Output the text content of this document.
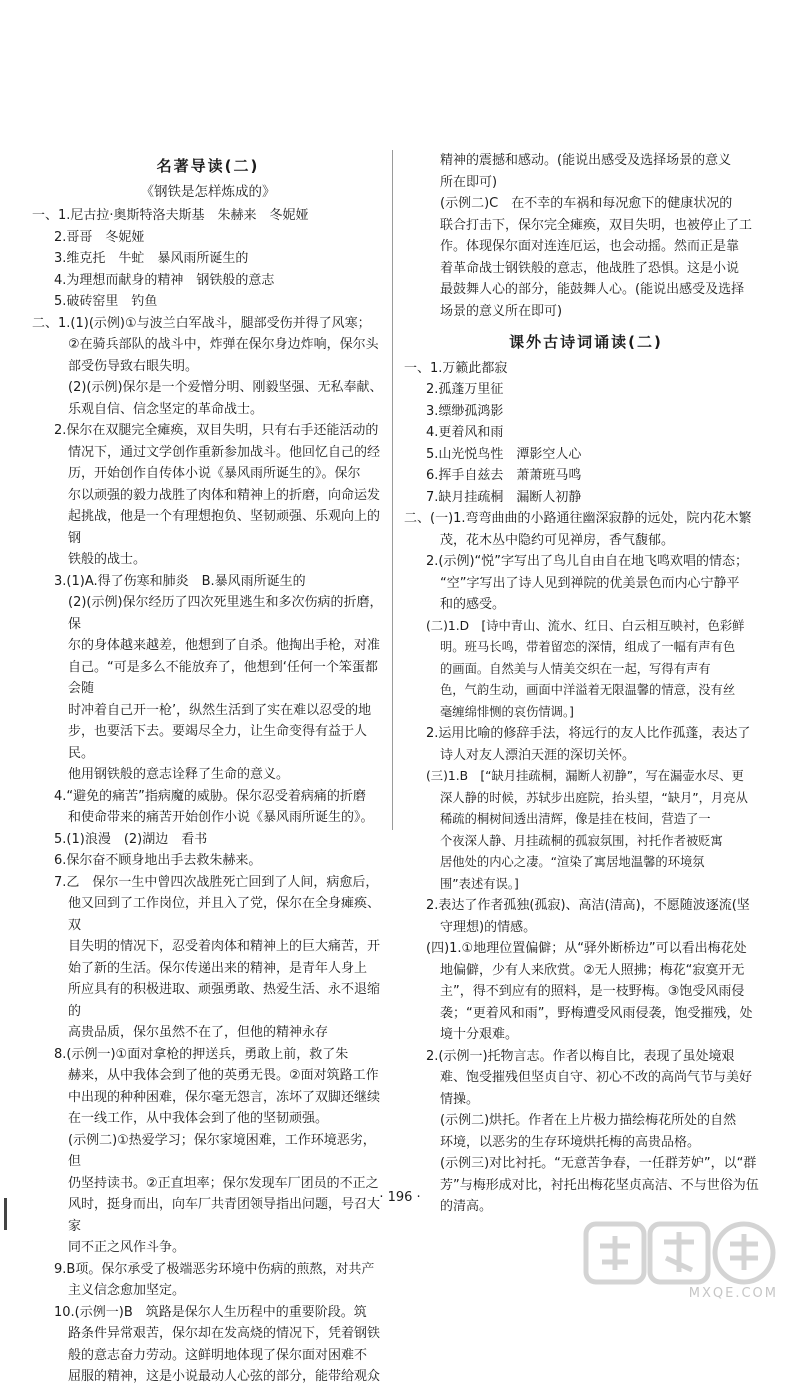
名著导读(二)
《钢铁是怎样炼成的》
一、1.尼古拉·奥斯特洛夫斯基　朱赫来　冬妮娅
2.哥哥　冬妮娅
3.维克托　牛虻　暴风雨所诞生的
4.为理想而献身的精神　钢铁般的意志
5.破砖窑里　钓鱼
二、1.(1)(示例)①与波兰白军战斗，腿部受伤并得了风寒；
②在骑兵部队的战斗中，炸弹在保尔身边炸响，保尔头
部受伤导致右眼失明。
(2)(示例)保尔是一个爱憎分明、刚毅坚强、无私奉献、
乐观自信、信念坚定的革命战士。
2.保尔在双腿完全瘫痪，双目失明，只有右手还能活动的
情况下，通过文学创作重新参加战斗。他回忆自己的经
历，开始创作自传体小说《暴风雨所诞生的》。保尔
尔以顽强的毅力战胜了肉体和精神上的折磨，向命运发
起挑战，他是一个有理想抱负、坚韧顽强、乐观向上的钢
铁般的战士。
3.(1)A.得了伤寒和肺炎　B.暴风雨所诞生的
(2)(示例)保尔经历了四次死里逃生和多次伤病的折磨，保
尔的身体越来越差，他想到了自杀。他掏出手枪，对准
自己。“可是多么不能放弃了，他想到‘任何一个笨蛋都会随
时冲着自己开一枪’，纵然生活到了实在难以忍受的地
步，也要活下去。要竭尽全力，让生命变得有益于人民。
他用钢铁般的意志诠释了生命的意义。
4.“避免的痛苦”指病魔的威胁。保尔忍受着病痛的折磨
和使命带来的痛苦开始创作小说《暴风雨所诞生的》。
5.(1)浪漫　(2)湖边　看书
6.保尔奋不顾身地出手去救朱赫来。
7.乙　保尔一生中曾四次战胜死亡回到了人间，病愈后，
他又回到了工作岗位，并且入了党，保尔在全身瘫痪、双
目失明的情况下，忍受着肉体和精神上的巨大痛苦，开
始了新的生活。保尔传递出来的精神，是青年人身上
所应具有的积极进取、顽强勇敢、热爱生活、永不退缩的
高贵品质，保尔虽然不在了，但他的精神永存
8.(示例一)①面对拿枪的押送兵，勇敢上前，救了朱
赫来，从中我体会到了他的英勇无畏。②面对筑路工作
中出现的种种困难，保尔毫无怨言，冻坏了双脚还继续
在一线工作，从中我体会到了他的坚韧顽强。
(示例二)①热爱学习；保尔家境困难，工作环境恶劣，但
仍坚持读书。②正直坦率；保尔发现车厂团员的不正之
风时，挺身而出，向车厂共青团领导指出问题，号召大家
同不正之风作斗争。
9.B项。保尔承受了极端恶劣环境中伤病的煎熬，对共产
主义信念愈加坚定。
10.(示例一)B　筑路是保尔人生历程中的重要阶段。筑
路条件异常艰苦，保尔却在发高烧的情况下，凭着钢铁
般的意志奋力劳动。这鲜明地体现了保尔面对困难不
屈服的精神，这是小说最动人心弦的部分，能带给观众
精神的震撼和感动。(能说出感受及选择场景的意义
所在即可)
(示例二)C　在不幸的车祸和每况愈下的健康状况的
联合打击下，保尔完全瘫痪，双目失明，也被停止了工
作。体现保尔面对连连厄运，也会动摇。然而正是靠
着革命战士钢铁般的意志，他战胜了恐惧。这是小说
最鼓舞人心的部分，能鼓舞人心。(能说出感受及选择
场景的意义所在即可)
课外古诗词诵读(二)
一、1.万籁此都寂
2.孤蓬万里征
3.缥缈孤鸿影
4.更着风和雨
5.山光悦鸟性　潭影空人心
6.挥手自兹去　萧萧班马鸣
7.缺月挂疏桐　漏断人初静
二、(一)1.弯弯曲曲的小路通往幽深寂静的远处，院内花木繁
茂，花木丛中隐约可见禅房，香气馥郁。
2.(示例)“悦”字写出了鸟儿自由自在地飞鸣欢唱的情态；
“空”字写出了诗人见到禅院的优美景色而内心宁静平
和的感受。
(二)1.D　[诗中青山、流水、红日、白云相互映衬，色彩鲜
明。班马长鸣，带着留恋的深情，组成了一幅有声有色
的画面。自然美与人情美交织在一起，写得有声有
色，气韵生动，画面中洋溢着无限温馨的情意，没有丝
毫缠绵悱恻的哀伤情调。]
2.运用比喻的修辞手法，将远行的友人比作孤蓬，表达了
诗人对友人漂泊天涯的深切关怀。
(三)1.B　[“缺月挂疏桐，漏断人初静”，写在漏壶水尽、更
深人静的时候，苏轼步出庭院，抬头望，“缺月”，月亮从
稀疏的桐树间透出清辉，像是挂在枝间，营造了一
个夜深人静、月挂疏桐的孤寂氛围，衬托作者被贬寓
居他处的内心之凄。“渲染了寓居地温馨的环境氛
围”表述有误。]
2.表达了作者孤独(孤寂)、高洁(清高)，不愿随波逐流(坚
守理想)的情感。
(四)1.①地理位置偏僻；从“驿外断桥边”可以看出梅花处
地偏僻，少有人来欣赏。②无人照拂；梅花“寂寞开无
主”，得不到应有的照料，是一枝野梅。③饱受风雨侵
袭；“更着风和雨”，野梅遭受风雨侵袭，饱受摧残，处
境十分艰难。
2.(示例一)托物言志。作者以梅自比，表现了虽处境艰
难、饱受摧残但坚贞自守、初心不改的高尚气节与美好
情操。
(示例二)烘托。作者在上片极力描绘梅花所处的自然
环境，以恶劣的生存环境烘托梅的高贵品格。
(示例三)对比衬托。“无意苦争春，一任群芳妒”，以“群
芳”与梅形成对比，衬托出梅花坚贞高洁、不与世俗为伍
的清高。
· 196 ·
MXQE.COM
